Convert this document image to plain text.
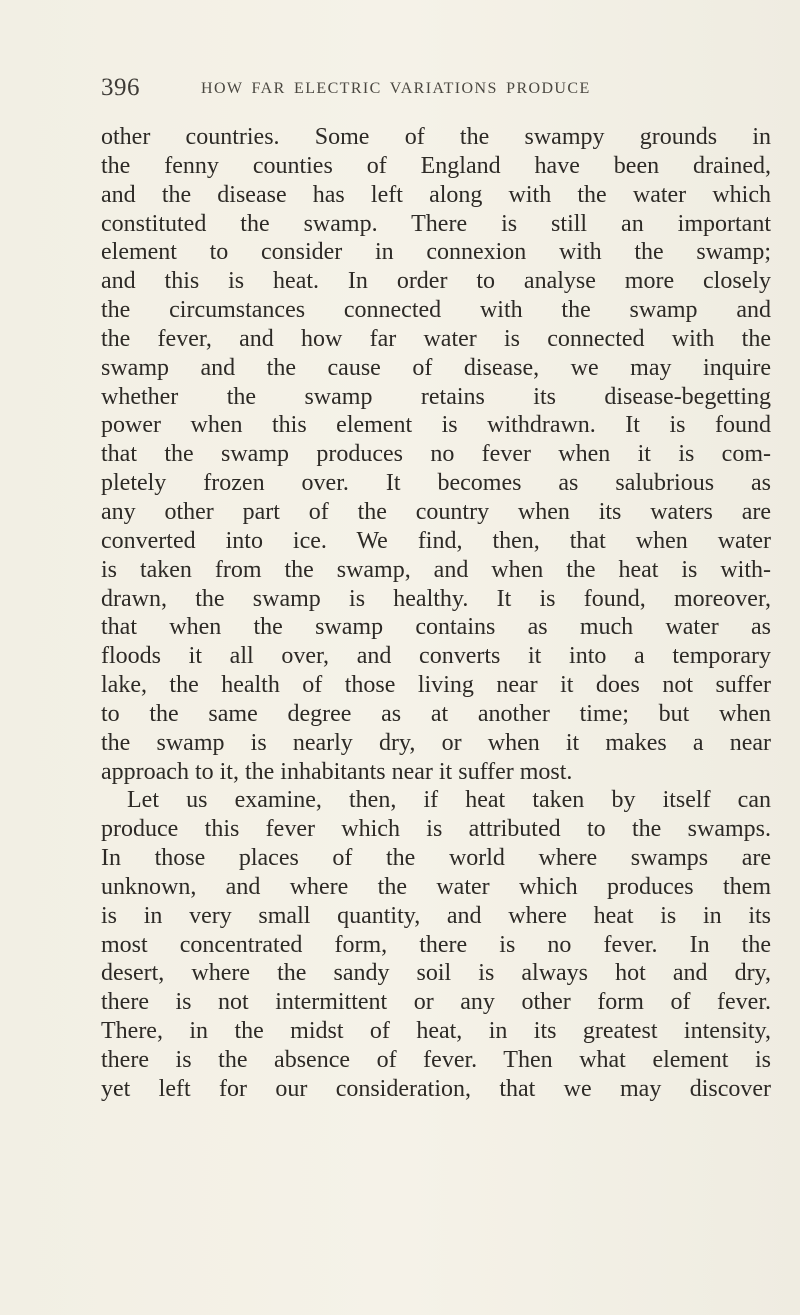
396	HOW FAR ELECTRIC VARIATIONS PRODUCE
other countries. Some of the swampy grounds in
the fenny counties of England have been drained,
and the disease has left along with the water which
constituted the swamp. There is still an important
element to consider in connexion with the swamp;
and this is heat. In order to analyse more closely
the circumstances connected with the swamp and
the fever, and how far water is connected with the
swamp and the cause of disease, we may inquire
whether the swamp retains its disease-begetting
power when this element is withdrawn. It is found
that the swamp produces no fever when it is com-
pletely frozen over. It becomes as salubrious as
any other part of the country when its waters are
converted into ice. We find, then, that when water
is taken from the swamp, and when the heat is with-
drawn, the swamp is healthy. It is found, moreover,
that when the swamp contains as much water as
floods it all over, and converts it into a temporary
lake, the health of those living near it does not suffer
to the same degree as at another time; but when
the swamp is nearly dry, or when it makes a near
approach to it, the inhabitants near it suffer most.
Let us examine, then, if heat taken by itself can
produce this fever which is attributed to the swamps.
In those places of the world where swamps are
unknown, and where the water which produces them
is in very small quantity, and where heat is in its
most concentrated form, there is no fever. In the
desert, where the sandy soil is always hot and dry,
there is not intermittent or any other form of fever.
There, in the midst of heat, in its greatest intensity,
there is the absence of fever. Then what element is
yet left for our consideration, that we may discover
